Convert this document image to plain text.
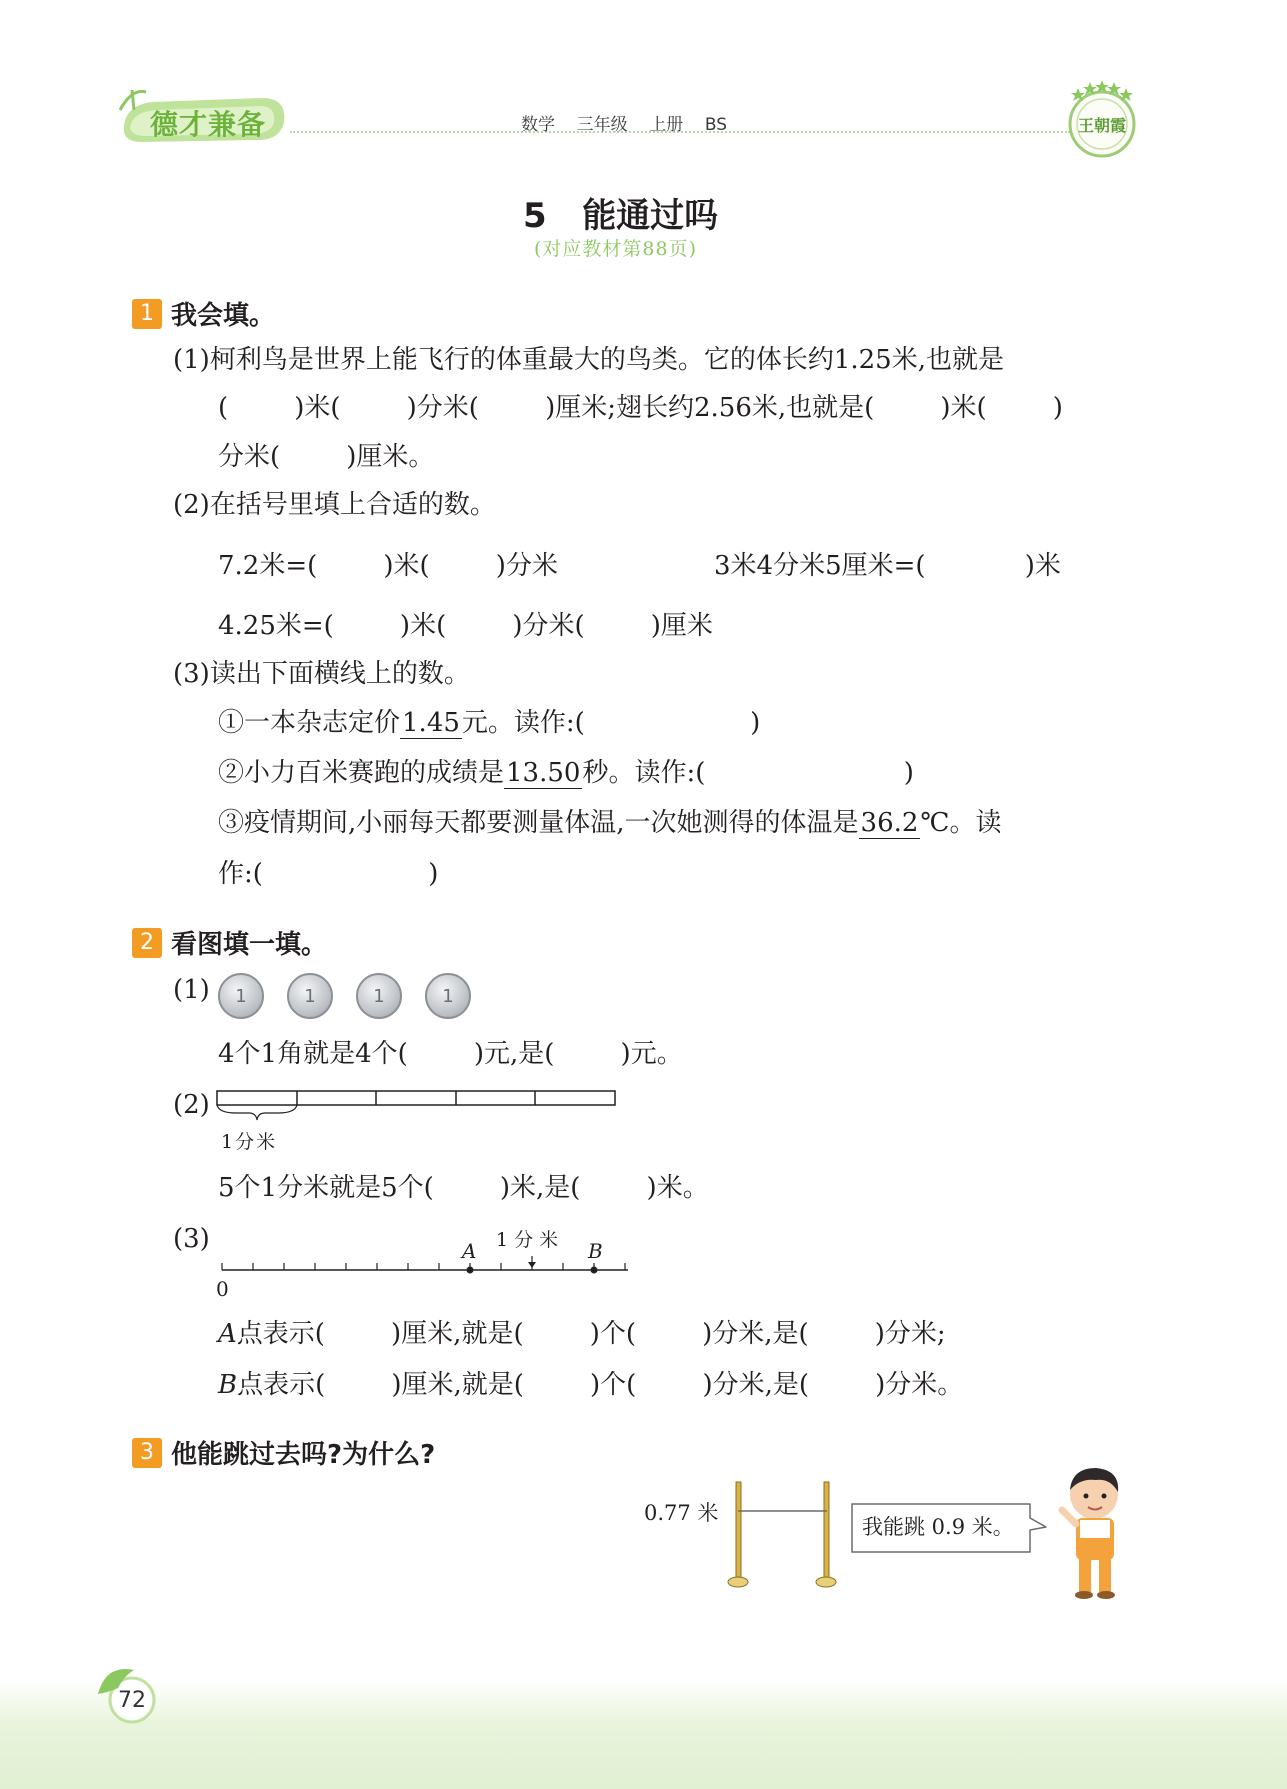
德才兼备	数学 三年级 上册 BS	王朝霞
5 能通过吗
(对应教材第88页)
1 我会填。
(1)柯利鸟是世界上能飞行的体重最大的鸟类。它的体长约1.25米,也就是
(        )米(        )分米(        )厘米;翅长约2.56米,也就是(        )米(        )
分米(        )厘米。
(2)在括号里填上合适的数。
7.2米=(        )米(        )分米	3米4分米5厘米=(            )米
4.25米=(        )米(        )分米(        )厘米
(3)读出下面横线上的数。
①一本杂志定价1.45元。读作:(                    )
②小力百米赛跑的成绩是13.50秒。读作:(                        )
③疫情期间,小丽每天都要测量体温,一次她测得的体温是36.2℃。读
作:(                    )
2 看图填一填。
(1)	1	1	1	1
4个1角就是4个(        )元,是(        )元。
(2)
1分米
5个1分米就是5个(        )米,是(        )米。
(3)
0
A	B
1 分 米
A点表示(        )厘米,就是(        )个(        )分米,是(        )分米;
B点表示(        )厘米,就是(        )个(        )分米,是(        )分米。
3 他能跳过去吗?为什么?
0.77 米
我能跳 0.9 米。
72
